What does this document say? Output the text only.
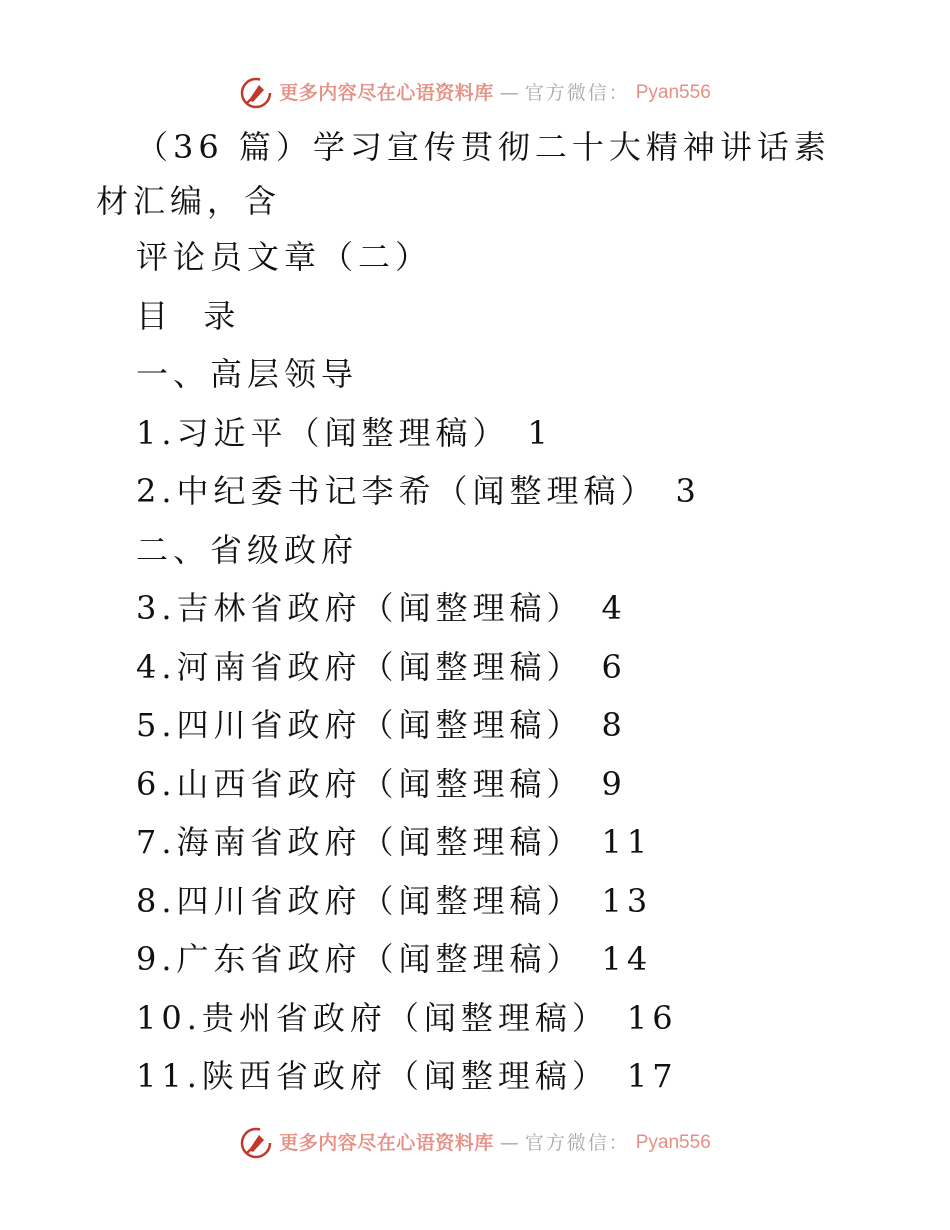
更多内容尽在心语资料库 — 官方微信： Pyan556
（36 篇）学习宣传贯彻二十大精神讲话素材汇编，含
评论员文章（二）
目  录
一、高层领导
1.习近平（闻整理稿） 1
2.中纪委书记李希（闻整理稿） 3
二、省级政府
3.吉林省政府（闻整理稿） 4
4.河南省政府（闻整理稿） 6
5.四川省政府（闻整理稿） 8
6.山西省政府（闻整理稿） 9
7.海南省政府（闻整理稿） 11
8.四川省政府（闻整理稿） 13
9.广东省政府（闻整理稿） 14
10.贵州省政府（闻整理稿） 16
11.陕西省政府（闻整理稿） 17
更多内容尽在心语资料库 — 官方微信： Pyan556
